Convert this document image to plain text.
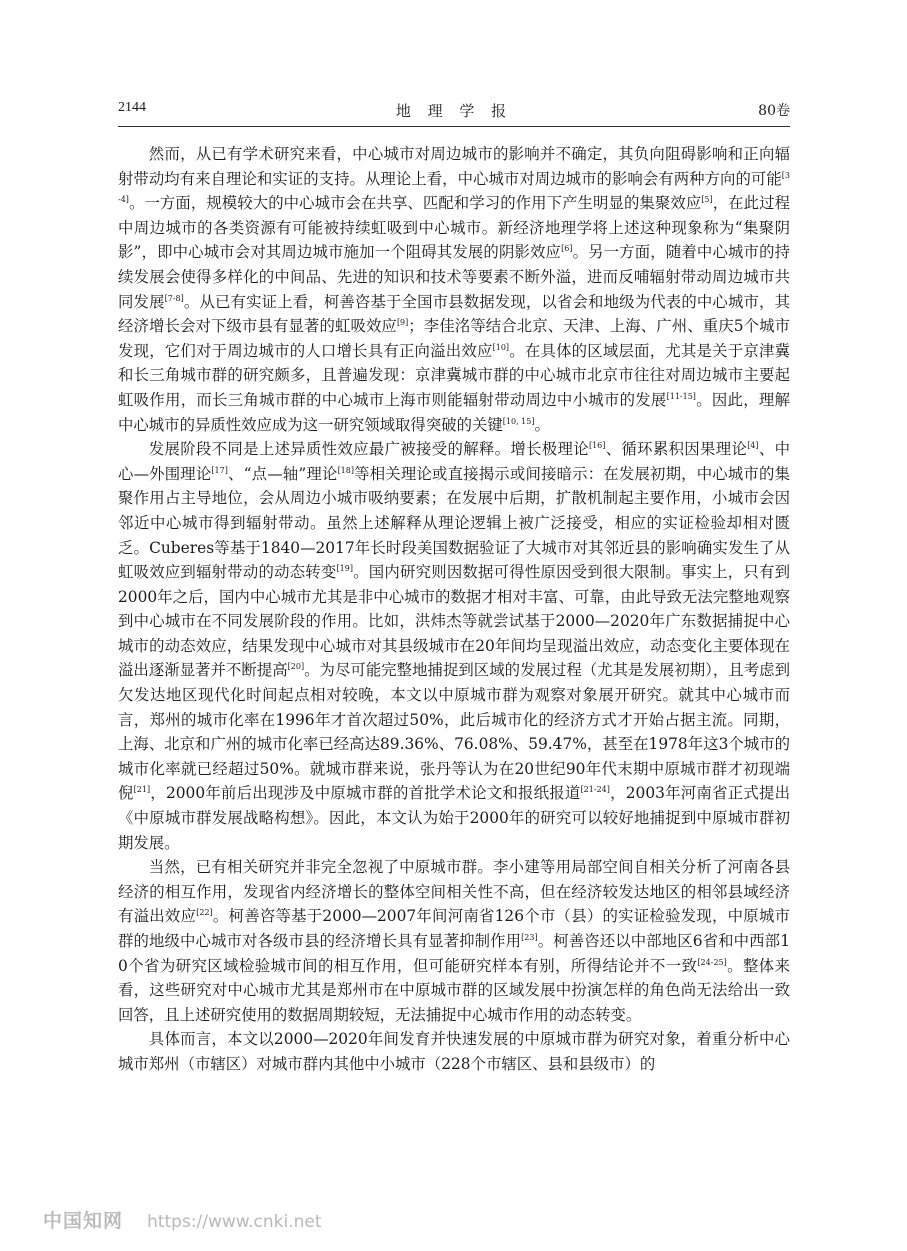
2144	地 理 学 报	80卷

然而，从已有学术研究来看，中心城市对周边城市的影响并不确定，其负向阻碍影响和正向辐射带动均有来自理论和实证的支持。从理论上看，中心城市对周边城市的影响会有两种方向的可能[3-4]。一方面，规模较大的中心城市会在共享、匹配和学习的作用下产生明显的集聚效应[5]，在此过程中周边城市的各类资源有可能被持续虹吸到中心城市。新经济地理学将上述这种现象称为“集聚阴影”，即中心城市会对其周边城市施加一个阻碍其发展的阴影效应[6]。另一方面，随着中心城市的持续发展会使得多样化的中间品、先进的知识和技术等要素不断外溢，进而反哺辐射带动周边城市共同发展[7-8]。从已有实证上看，柯善咨基于全国市县数据发现，以省会和地级为代表的中心城市，其经济增长会对下级市县有显著的虹吸效应[9]；李佳洺等结合北京、天津、上海、广州、重庆5个城市发现，它们对于周边城市的人口增长具有正向溢出效应[10]。在具体的区域层面，尤其是关于京津冀和长三角城市群的研究颇多，且普遍发现：京津冀城市群的中心城市北京市往往对周边城市主要起虹吸作用，而长三角城市群的中心城市上海市则能辐射带动周边中小城市的发展[11-15]。因此，理解中心城市的异质性效应成为这一研究领域取得突破的关键[10, 15]。

发展阶段不同是上述异质性效应最广被接受的解释。增长极理论[16]、循环累积因果理论[4]、中心—外围理论[17]、“点—轴”理论[18]等相关理论或直接揭示或间接暗示：在发展初期，中心城市的集聚作用占主导地位，会从周边小城市吸纳要素；在发展中后期，扩散机制起主要作用，小城市会因邻近中心城市得到辐射带动。虽然上述解释从理论逻辑上被广泛接受，相应的实证检验却相对匮乏。Cuberes等基于1840—2017年长时段美国数据验证了大城市对其邻近县的影响确实发生了从虹吸效应到辐射带动的动态转变[19]。国内研究则因数据可得性原因受到很大限制。事实上，只有到2000年之后，国内中心城市尤其是非中心城市的数据才相对丰富、可靠，由此导致无法完整地观察到中心城市在不同发展阶段的作用。比如，洪炜杰等就尝试基于2000—2020年广东数据捕捉中心城市的动态效应，结果发现中心城市对其县级城市在20年间均呈现溢出效应，动态变化主要体现在溢出逐渐显著并不断提高[20]。为尽可能完整地捕捉到区域的发展过程（尤其是发展初期），且考虑到欠发达地区现代化时间起点相对较晚，本文以中原城市群为观察对象展开研究。就其中心城市而言，郑州的城市化率在1996年才首次超过50%，此后城市化的经济方式才开始占据主流。同期，上海、北京和广州的城市化率已经高达89.36%、76.08%、59.47%，甚至在1978年这3个城市的城市化率就已经超过50%。就城市群来说，张丹等认为在20世纪90年代末期中原城市群才初现端倪[21]，2000年前后出现涉及中原城市群的首批学术论文和报纸报道[21-24]，2003年河南省正式提出《中原城市群发展战略构想》。因此，本文认为始于2000年的研究可以较好地捕捉到中原城市群初期发展。

当然，已有相关研究并非完全忽视了中原城市群。李小建等用局部空间自相关分析了河南各县经济的相互作用，发现省内经济增长的整体空间相关性不高，但在经济较发达地区的相邻县域经济有溢出效应[22]。柯善咨等基于2000—2007年间河南省126个市（县）的实证检验发现，中原城市群的地级中心城市对各级市县的经济增长具有显著抑制作用[23]。柯善咨还以中部地区6省和中西部10个省为研究区域检验城市间的相互作用，但可能研究样本有别，所得结论并不一致[24-25]。整体来看，这些研究对中心城市尤其是郑州市在中原城市群的区域发展中扮演怎样的角色尚无法给出一致回答，且上述研究使用的数据周期较短，无法捕捉中心城市作用的动态转变。

具体而言，本文以2000—2020年间发育并快速发展的中原城市群为研究对象，着重分析中心城市郑州（市辖区）对城市群内其他中小城市（228个市辖区、县和县级市）的

中国知网 https://www.cnki.net
